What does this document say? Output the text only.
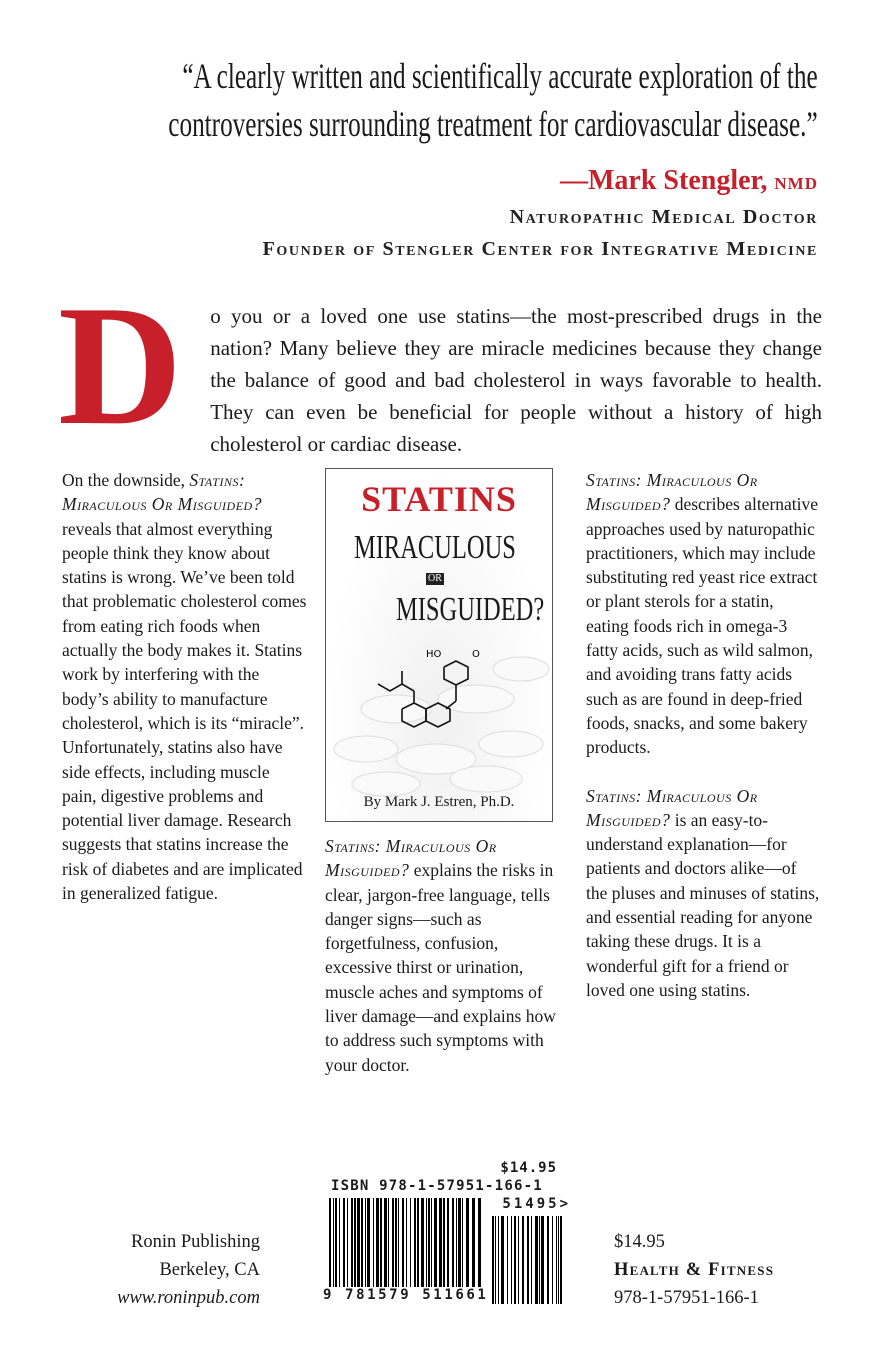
“A clearly written and scientifically accurate exploration of the
controversies surrounding treatment for cardiovascular disease.”
—Mark Stengler, nmd
Naturopathic Medical Doctor
Founder of Stengler Center for Integrative Medicine
D	o you or a loved one use statins—the most-prescribed drugs in the nation? Many believe they are miracle medicines because they change the balance of good and bad cholesterol in ways favorable to health. They can even be beneficial for people without a history of high cholesterol or cardiac disease.

On the downside, Statins: Miraculous Or Misguided? reveals that almost everything people think they know about statins is wrong. We’ve been told that problematic cholesterol comes from eating rich foods when actually the body makes it. Statins work by interfering with the body’s ability to manufacture cholesterol, which is its “miracle”. Unfortunately, statins also have side effects, including muscle pain, digestive problems and potential liver damage. Research suggests that statins increase the risk of diabetes and are implicated in generalized fatigue.

HO	O
STATINS
MIRACULOUS
OR
MISGUIDED?
By Mark J. Estren, Ph.D.

Statins: Miraculous Or Misguided? explains the risks in clear, jargon-free language, tells danger signs—such as forgetfulness, confusion, excessive thirst or urination, muscle aches and symptoms of liver damage—and explains how to address such symptoms with your doctor.

Statins: Miraculous Or Misguided? describes alternative approaches used by naturopathic practitioners, which may include substituting red yeast rice extract or plant sterols for a statin, eating foods rich in omega-3 fatty acids, such as wild salmon, and avoiding trans fatty acids such as are found in deep-fried foods, snacks, and some bakery products.

Statins: Miraculous Or Misguided? is an easy-to-understand explanation—for patients and doctors alike—of the pluses and minuses of statins, and essential reading for anyone taking these drugs. It is a wonderful gift for a friend or loved one using statins.

$14.95
ISBN 978-1-57951-166-1
51495>
9 781579 511661
Ronin Publishing
Berkeley, CA
www.roninpub.com
$14.95
Health & Fitness
978-1-57951-166-1
